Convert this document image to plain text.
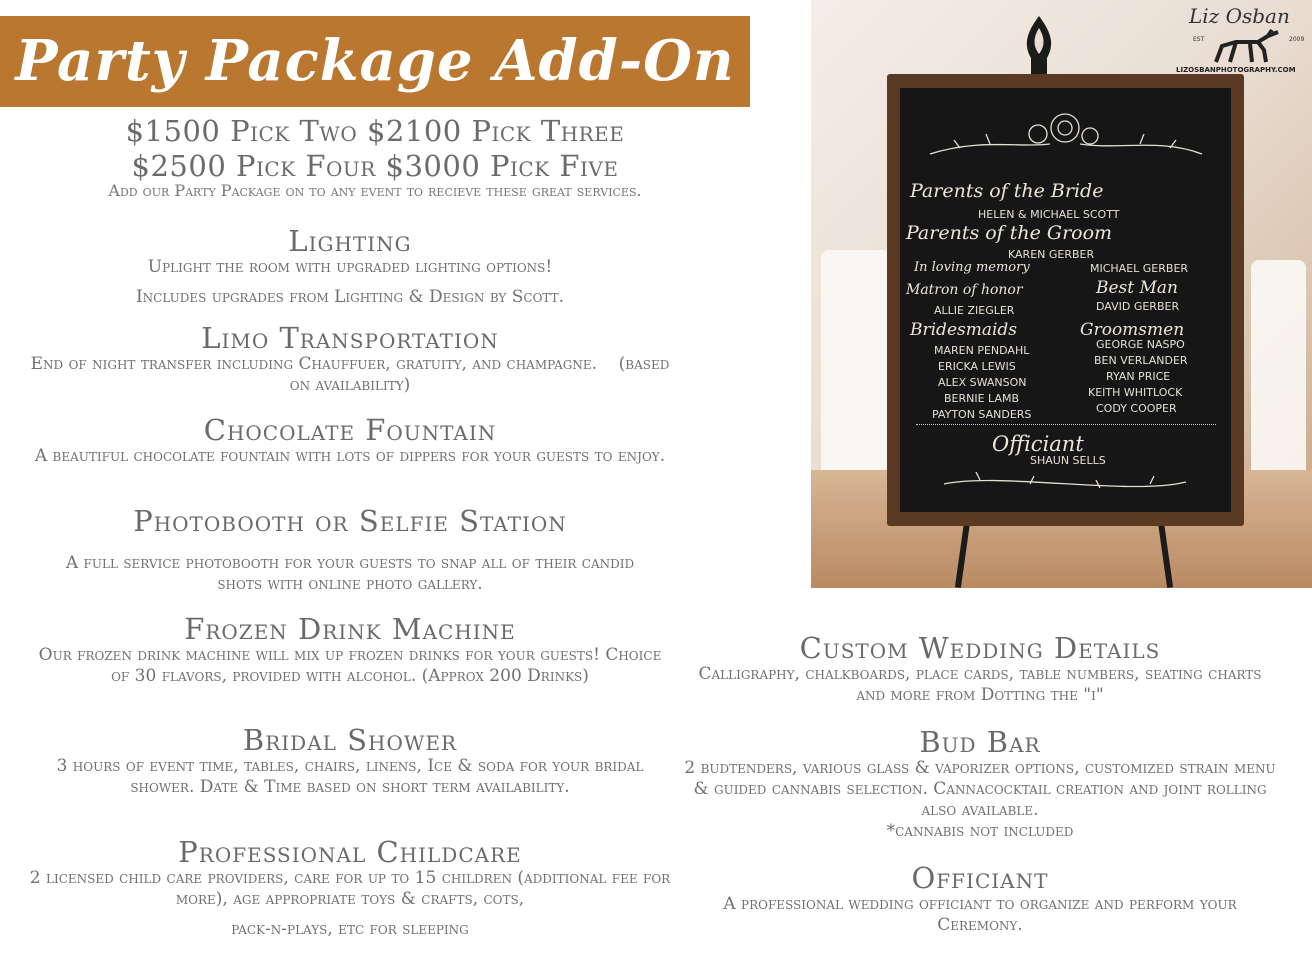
Party Package Add-On
$1500 Pick Two $2100 Pick Three
$2500 Pick Four $3000 Pick Five
Add our Party Package on to any event to recieve these great services.

Lighting

Uplight the room with upgraded lighting options!

Includes upgrades from Lighting & Design by Scott.

Limo Transportation

End of night transfer including Chauffuer, gratuity, and champagne.    (based on availability)

Chocolate Fountain

A beautiful chocolate fountain with lots of dippers for your guests to enjoy.

Photobooth or Selfie Station

A full service photobooth for your guests to snap all of their candid shots with online photo gallery.

Frozen Drink Machine

Our frozen drink machine will mix up frozen drinks for your guests! Choice of 30 flavors, provided with alcohol. (Approx 200 Drinks)

Bridal Shower

3 hours of event time, tables, chairs, linens, Ice & soda for your bridal shower. Date & Time based on short term availability.

Professional Childcare

2 licensed child care providers, care for up to 15 children (additional fee for more), age appropriate toys & crafts, cots,

pack-n-plays, etc for sleeping

Custom Wedding Details

Calligraphy, chalkboards, place cards, table numbers, seating charts and more from Dotting the "i"

Bud Bar

2 budtenders, various glass & vaporizer options, customized strain menu & guided cannabis selection. Cannacocktail creation and joint rolling also available.

*cannabis not included

Officiant

A professional wedding officiant to organize and perform your Ceremony.

Liz Osban
EST	2009
LIZOSBANPHOTOGRAPHY.COM
Parents of the Bride
HELEN & MICHAEL SCOTT
Parents of the Groom
KAREN GERBER
In loving memory	MICHAEL GERBER
Matron of honor	Best Man
ALLIE ZIEGLER	DAVID GERBER
Bridesmaids	Groomsmen
MAREN PENDAHL
ERICKA LEWIS
ALEX SWANSON
BERNIE LAMB
PAYTON SANDERS
GEORGE NASPO
BEN VERLANDER
RYAN PRICE
KEITH WHITLOCK
CODY COOPER
Officiant
SHAUN SELLS
